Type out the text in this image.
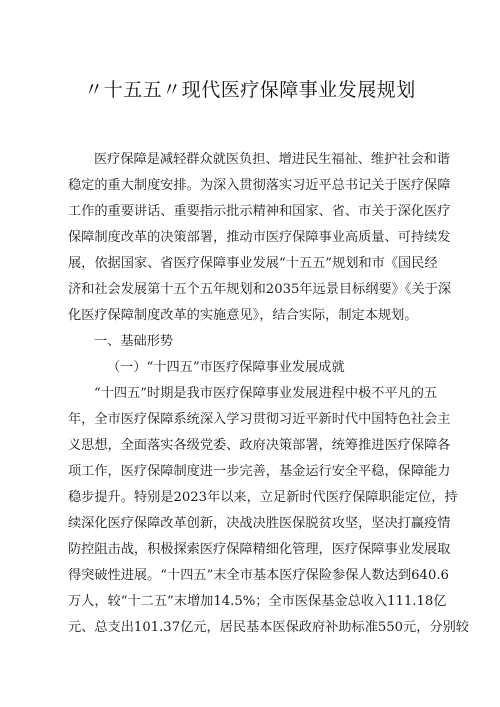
〃十五五〃现代医疗保障事业发展规划
医疗保障是减轻群众就医负担、增进民生福祉、维护社会和谐
稳定的重大制度安排。为深入贯彻落实习近平总书记关于医疗保障
工作的重要讲话、重要指示批示精神和国家、省、市关于深化医疗
保障制度改革的决策部署，推动市医疗保障事业高质量、可持续发
展，依据国家、省医疗保障事业发展“十五五”规划和市《国民经
济和社会发展第十五个五年规划和2035年远景目标纲要》《关于深
化医疗保障制度改革的实施意见》，结合实际，制定本规划。
一、基础形势
（一）“十四五”市医疗保障事业发展成就
“十四五”时期是我市医疗保障事业发展进程中极不平凡的五
年，全市医疗保障系统深入学习贯彻习近平新时代中国特色社会主
义思想，全面落实各级党委、政府决策部署，统筹推进医疗保障各
项工作，医疗保障制度进一步完善，基金运行安全平稳，保障能力
稳步提升。特别是2023年以来，立足新时代医疗保障职能定位，持
续深化医疗保障改革创新，决战决胜医保脱贫攻坚，坚决打赢疫情
防控阻击战，积极探索医疗保障精细化管理，医疗保障事业发展取
得突破性进展。“十四五”末全市基本医疗保险参保人数达到640.6
万人，较“十二五”末增加14.5%；全市医保基金总收入111.18亿
元、总支出101.37亿元，居民基本医保政府补助标准550元，分别较
